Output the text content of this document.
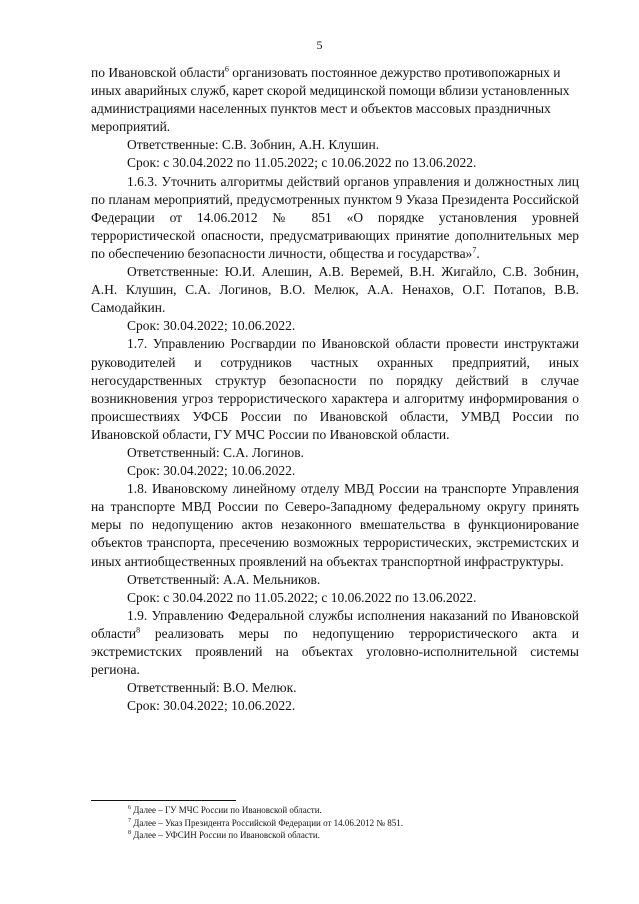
5

по Ивановской области$^6$ организовать постоянное дежурство противопожарных и иных аварийных служб, карет скорой медицинской помощи вблизи установленных администрациями населенных пунктов мест и объектов массовых праздничных мероприятий.

Ответственные: С.В. Зобнин, А.Н. Клушин.

Срок: с 30.04.2022 по 11.05.2022; с 10.06.2022 по 13.06.2022.

1.6.3. Уточнить алгоритмы действий органов управления и должностных лиц по планам мероприятий, предусмотренных пунктом 9 Указа Президента Российской Федерации от 14.06.2012 № 851 «О порядке установления уровней террористической опасности, предусматривающих принятие дополнительных мер по обеспечению безопасности личности, общества и государства»$^7$.

Ответственные: Ю.И. Алешин, А.В. Веремей, В.Н. Жигайло, С.В. Зобнин, А.Н. Клушин, С.А. Логинов, В.О. Мелюк, А.А. Ненахов, О.Г. Потапов, В.В. Самодайкин.

Срок: 30.04.2022; 10.06.2022.

1.7. Управлению Росгвардии по Ивановской области провести инструктажи руководителей и сотрудников частных охранных предприятий, иных негосударственных структур безопасности по порядку действий в случае возникновения угроз террористического характера и алгоритму информирования о происшествиях УФСБ России по Ивановской области, УМВД России по Ивановской области, ГУ МЧС России по Ивановской области.

Ответственный: С.А. Логинов.

Срок: 30.04.2022; 10.06.2022.

1.8. Ивановскому линейному отделу МВД России на транспорте Управления на транспорте МВД России по Северо-Западному федеральному округу принять меры по недопущению актов незаконного вмешательства в функционирование объектов транспорта, пресечению возможных террористических, экстремистских и иных антиобщественных проявлений на объектах транспортной инфраструктуры.

Ответственный: А.А. Мельников.

Срок: с 30.04.2022 по 11.05.2022; с 10.06.2022 по 13.06.2022.

1.9. Управлению Федеральной службы исполнения наказаний по Ивановской области$^8$ реализовать меры по недопущению террористического акта и экстремистских проявлений на объектах уголовно-исполнительной системы региона.

Ответственный: В.О. Мелюк.

Срок: 30.04.2022; 10.06.2022.

$^6$ Далее – ГУ МЧС России по Ивановской области.
$^7$ Далее – Указ Президента Российской Федерации от 14.06.2012 № 851.
$^8$ Далее – УФСИН России по Ивановской области.
